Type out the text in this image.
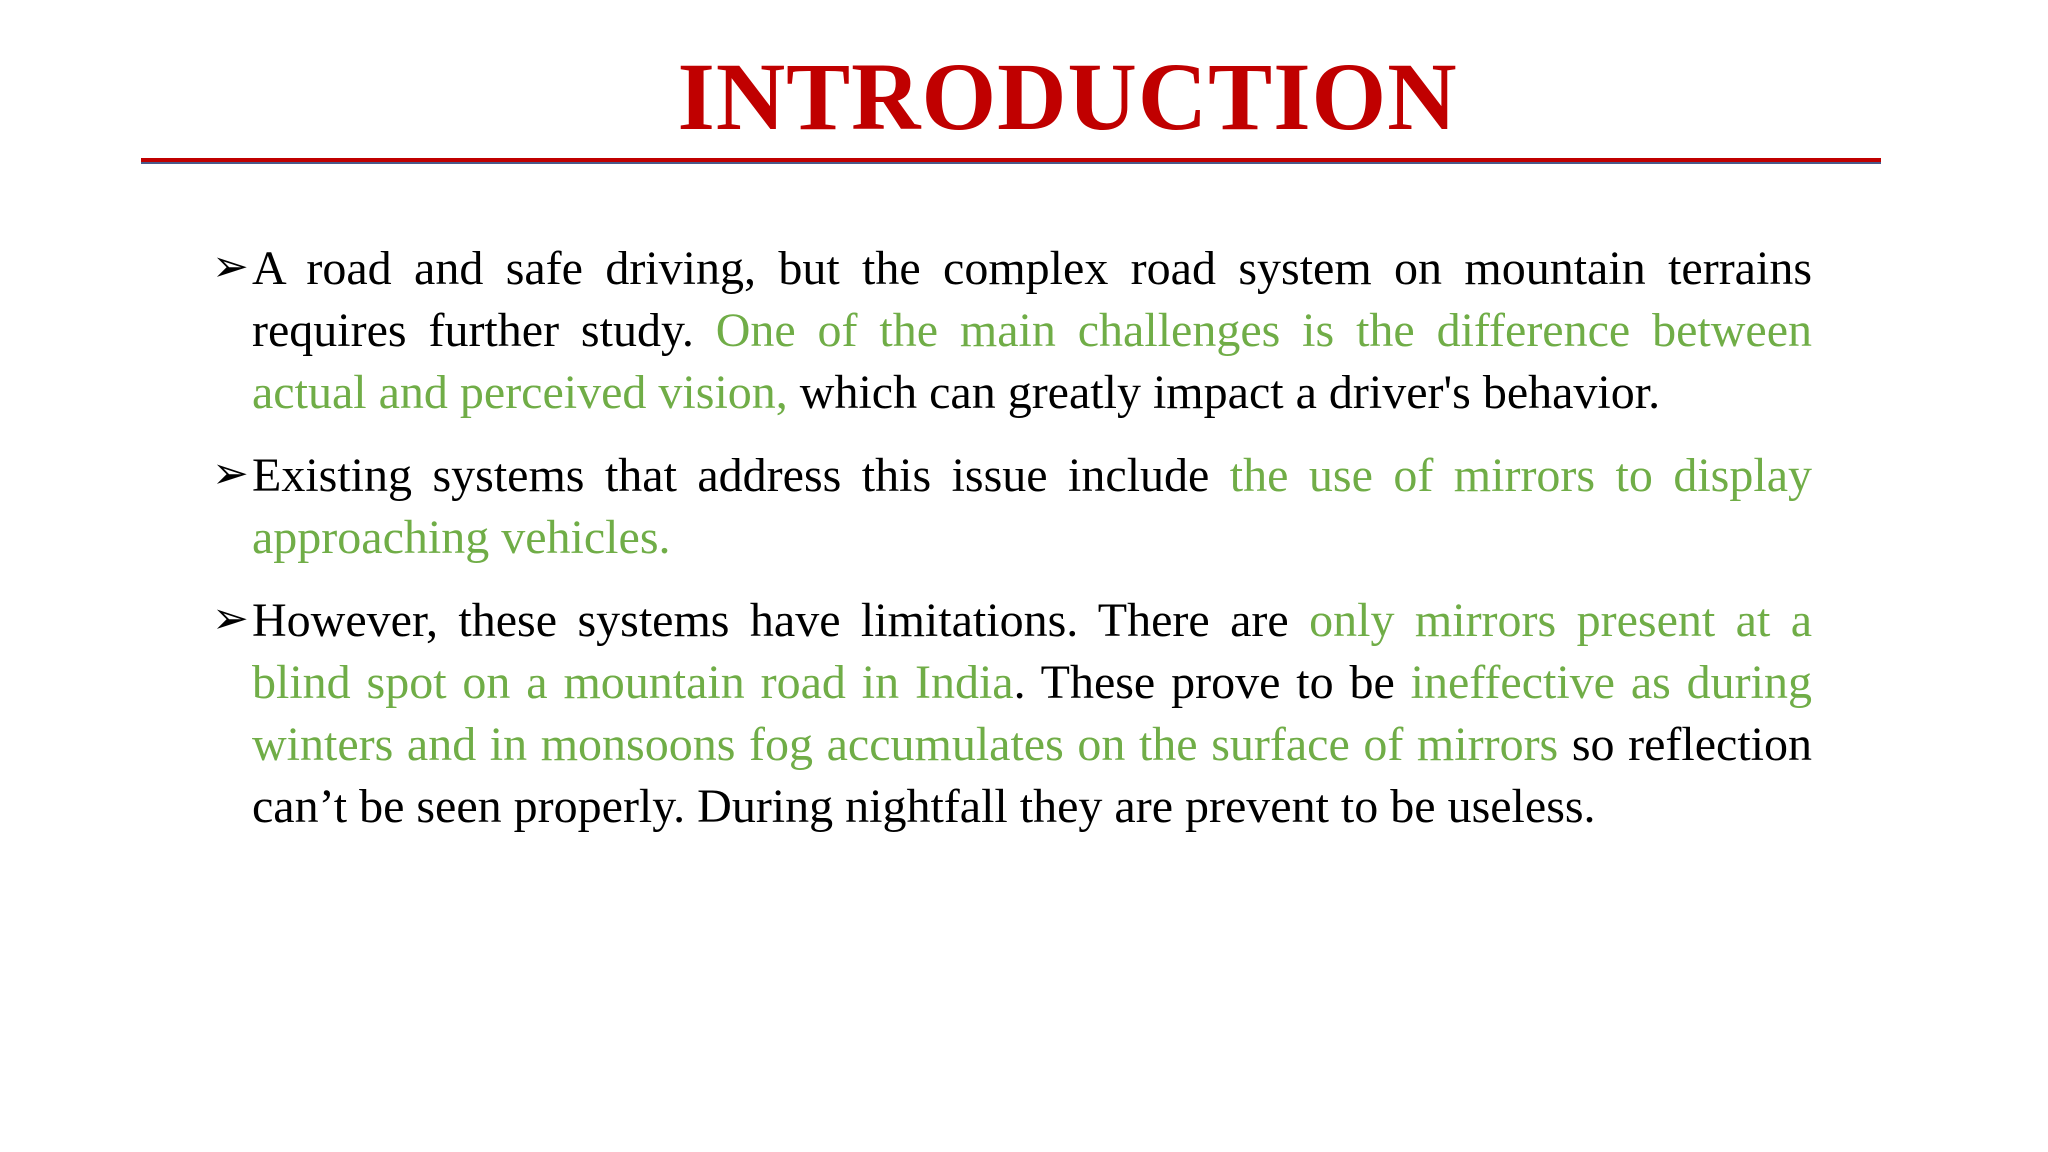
INTRODUCTION
➢ A road and safe driving, but the complex road system on mountain terrains requires further study. One of the main challenges is the difference between actual and perceived vision, which can greatly impact a driver's behavior.
➢ Existing systems that address this issue include the use of mirrors to display approaching vehicles.
➢ However, these systems have limitations. There are only mirrors present at a blind spot on a mountain road in India. These prove to be ineffective as during winters and in monsoons fog accumulates on the surface of mirrors so reflection can’t be seen properly. During nightfall they are prevent to be useless.
